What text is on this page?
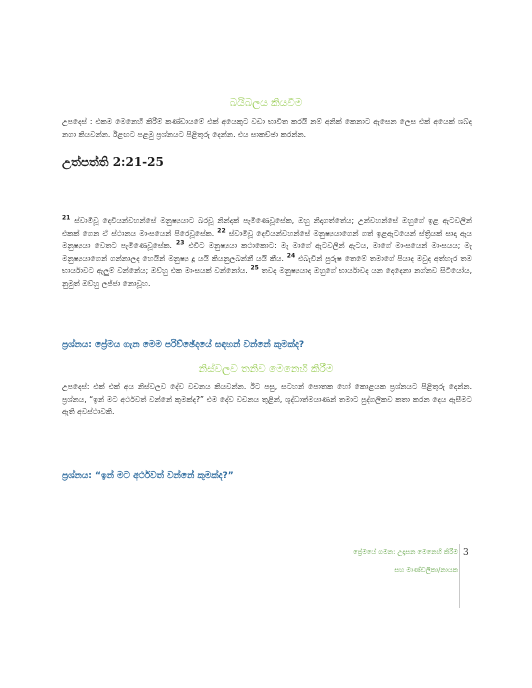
බයිබලය කියවීම

උපදෙස් : එකම මෙනෙහි කිරීම් කණ්ඩායමේ එක් අයෙකුට වඩා භාවිත කරයි නම් අනික් කෙනාට ඇසෙන ලෙස එක් අයෙක් ශබ්ද නගා කියවන්න. ඊළඟට පළමු ප්‍රශ්නයට පිළිතුරු දෙන්න. එය සාකච්ඡා කරන්න.

උත්පත්ති 2:21-25

$^{21}$ ස්වාමිවූ දෙවියන්වහන්සේ මනුෂ්‍යයාට බරවූ නින්දක් පැමිණෙවූසේක, ඔහු නිදාගත්තේය; උන්වහන්සේ ඔහුගේ ඉළ ඇටවලින් එකක් ගෙන ඒ ස්ථානය මාංසයෙන් පිරෙවූසේක. $^{22}$ ස්වාමිවූ දෙවියන්වහන්සේ මනුෂ්‍යයාගෙන් ගත් ඉළඇටයෙන් ස්ත්‍රියක් සාදා ඇය මනුෂ්‍යයා වෙතට පැමිණෙවූසේක. $^{23}$ එවිට මනුෂ්‍යයා කථාකොට: මැ මාගේ ඇටවලින් ඇටය, මාගේ මාංසයෙන් මාංසයය; මැ මනුෂ්‍යයාගෙන් ගන්නාලද හෙයින් මනුෂ්‍ය දූ යයි කියනුලබන්නී යයි කීය. $^{24}$ එබැවින් පුරුෂ තෙමේ තමාගේ පියාද මවුද අත්හැර තම භාර්යාවට ඇලුම් වන්නේය; ඔව්හු එක මාංසයක් වන්නෝය. $^{25}$ තවද මනුෂ්‍යයාද ඔහුගේ භාර්යාවද යන දෙදෙනා නග්නව සිටියෝය, නුමුත් ඔව්හු ලජ්ජා නොවූහ.

ප්‍රශ්නය: ප්‍රේමය ගැන මෙම පරිච්ඡේදයේ සඳහන් වන්නේ කුමක්ද?

නිස්වලව තනිව මෙනෙහි කිරීම

උපදෙස්: එක් එක් අය නිස්වලව දේව වචනය කියවන්න. ඊට පසු, සටහන් පොතක හෝ කොළයක ප්‍රශ්නයට පිළිතුරු දෙන්න. ප්‍රශ්නය, “ඉන් මට අර්ථවත් වන්නේ කුමක්ද?” එම දේව වචනය තුළින්, ශුද්ධාත්මයාණන් තමාට පුද්ගලිකව කතා කරන දෙය ඇසීමට ඇති අවස්ථාවකි.

ප්‍රශ්නය: “ඉන් මට අර්ථවත් වන්නේ කුමක්ද?”

ප්‍රේමයේ ගමන: උදෑසන මෙනෙහි කිරීම
සහ මාණ්ඩලිකා/නායක
3
